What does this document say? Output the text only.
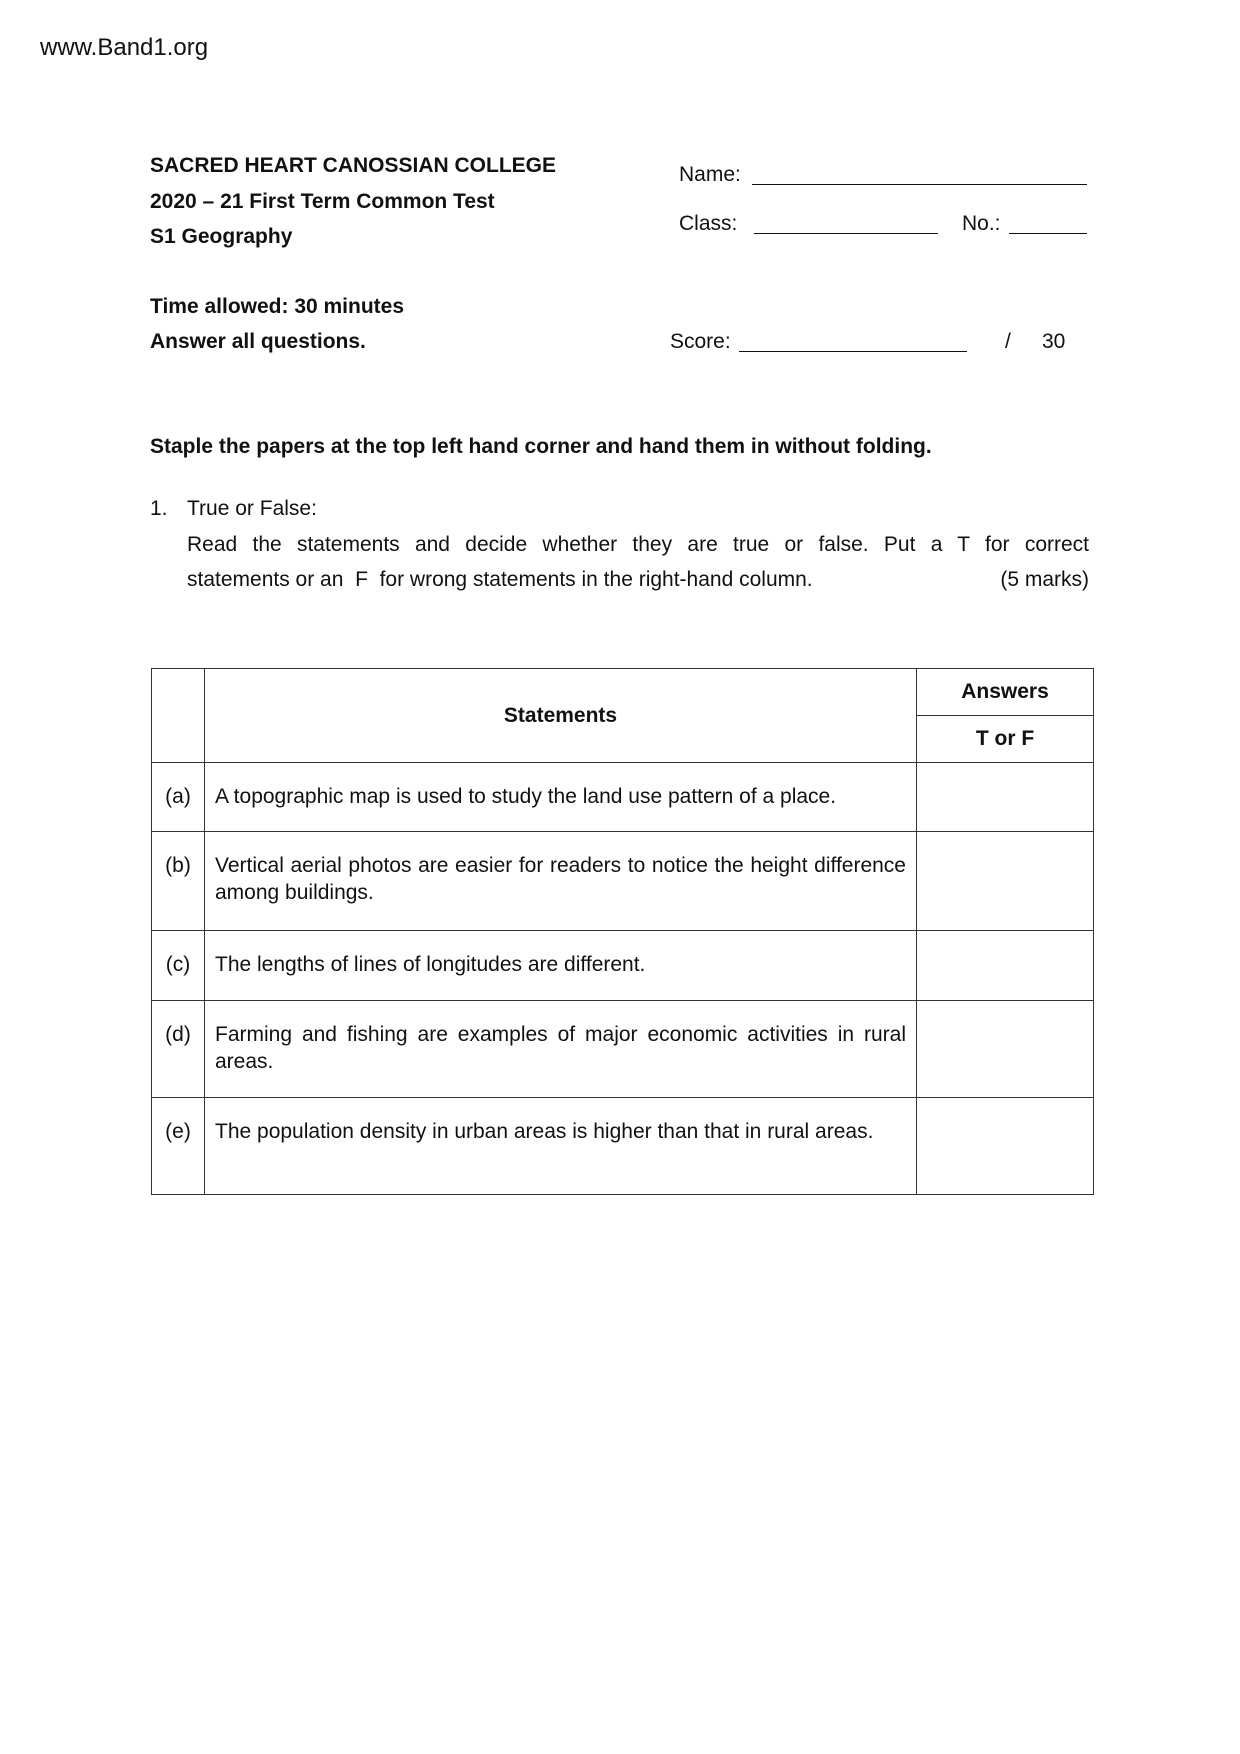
www.Band1.org
SACRED HEART CANOSSIAN COLLEGE
2020 – 21 First Term Common Test
S1 Geography
Time allowed: 30 minutes
Answer all questions.
Name:
Class:	No.:
Score:	/ 30
Staple the papers at the top left hand corner and hand them in without folding.
1. True or False:
Read the statements and decide whether they are true or false. Put a T for correct
statements or an  F  for wrong statements in the right-hand column.	(5 marks)
	Statements	Answers
		T or F
(a)	A topographic map is used to study the land use pattern of a place.	
(b)	Vertical aerial photos are easier for readers to notice the height difference among buildings.	
(c)	The lengths of lines of longitudes are different.	
(d)	Farming and fishing are examples of major economic activities in rural areas.	
(e)	The population density in urban areas is higher than that in rural areas.	
